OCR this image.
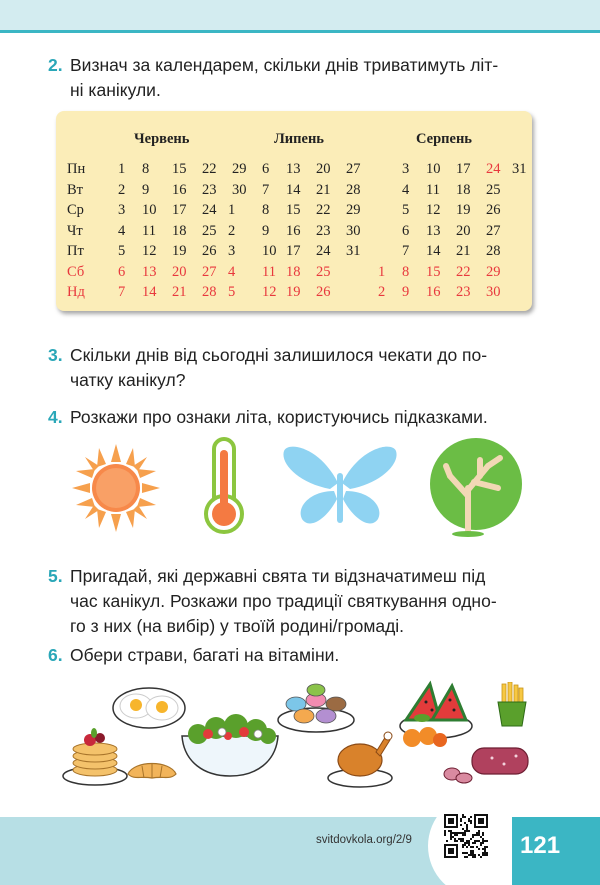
2. Визнач за календарем, скільки днів триватимуть літ-
ні канікули.
Пн
Вт
Ср
Чт
Пт
Сб
Нд
Червень
1 8 15 22 29
2 9 16 23 30
3 10 17 24
4 11 18 25
5 12 19 26
6 13 20 27
7 14 21 28
Липень
6 13 20 27
7 14 21 28
1 8 15 22 29
2 9 16 23 30
3 10 17 24 31
4 11 18 25
5 12 19 26
Серпень
3 10 17 24 31
4 11 18 25
5 12 19 26
6 13 20 27
7 14 21 28
1 8 15 22 29
2 9 16 23 30
3. Скільки днів від сьогодні залишилося чекати до по-
чатку канікул?
4. Розкажи про ознаки літа, користуючись підказками.
5. Пригадай, які державні свята ти відзначатимеш під
час канікул. Розкажи про традиції святкування одно-
го з них (на вибір) у твоїй родині/громаді.
6. Обери страви, багаті на вітаміни.
svitdovkola.org/2/9	121
